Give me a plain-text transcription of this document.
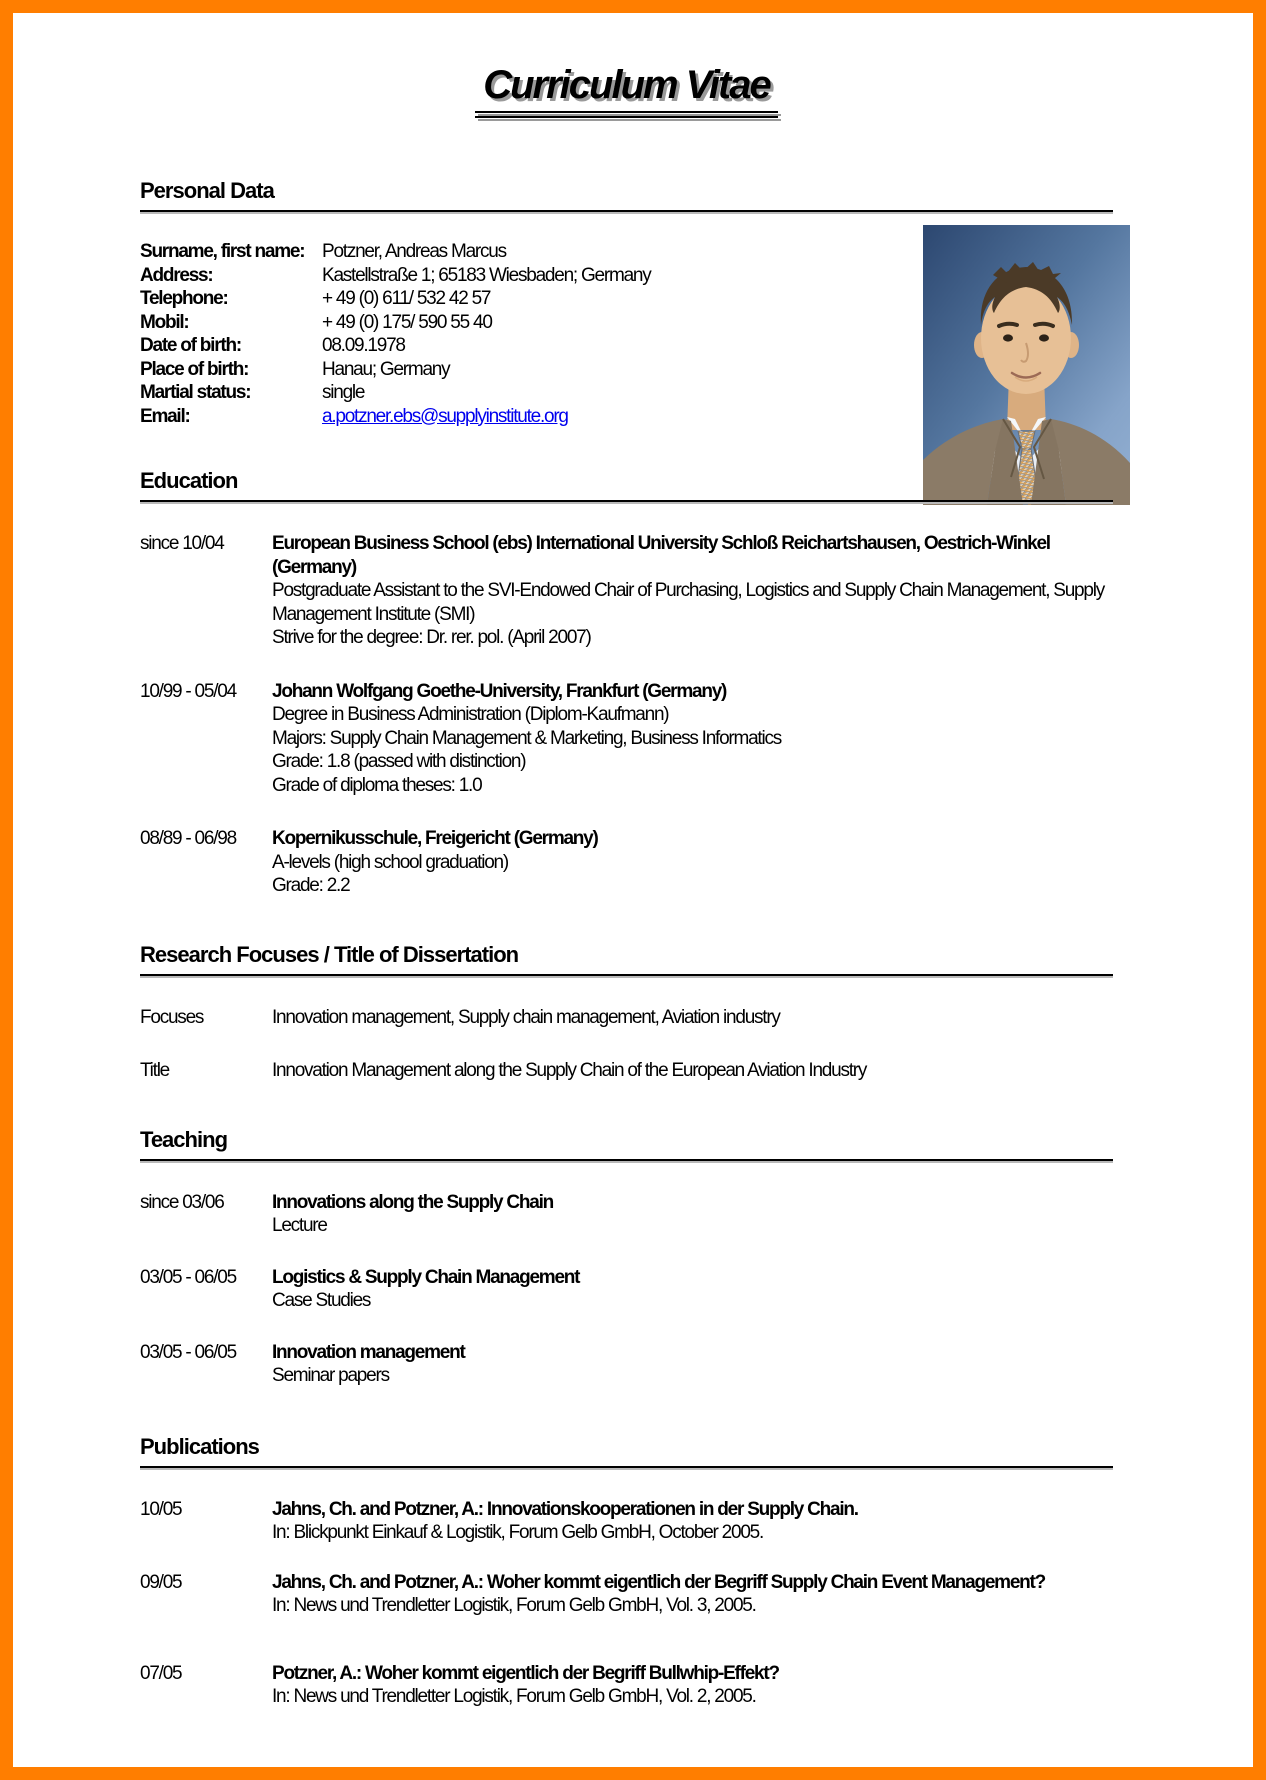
Curriculum Vitae
Personal Data
Surname, first name: Potzner, Andreas Marcus
Address:	Kastellstraße 1; 65183 Wiesbaden; Germany
Telephone:	+ 49 (0) 611/ 532 42 57
Mobil:	+ 49 (0) 175/ 590 55 40
Date of birth:	08.09.1978
Place of birth:	Hanau; Germany
Martial status:	single
Email:	a.potzner.ebs@supplyinstitute.org
Education
since 10/04	European Business School (ebs) International University Schloß Reichartshausen, Oestrich-Winkel (Germany)
Postgraduate Assistant to the SVI-Endowed Chair of Purchasing, Logistics and Supply Chain Management, Supply Management Institute (SMI)
Strive for the degree: Dr. rer. pol. (April 2007)
10/99 - 05/04	Johann Wolfgang Goethe-University, Frankfurt (Germany)
Degree in Business Administration (Diplom-Kaufmann)
Majors: Supply Chain Management & Marketing, Business Informatics
Grade: 1.8 (passed with distinction)
Grade of diploma theses: 1.0
08/89 - 06/98	Kopernikusschule, Freigericht (Germany)
A-levels (high school graduation)
Grade: 2.2
Research Focuses / Title of Dissertation
Focuses	Innovation management, Supply chain management, Aviation industry
Title	Innovation Management along the Supply Chain of the European Aviation Industry
Teaching
since 03/06	Innovations along the Supply Chain
Lecture
03/05 - 06/05	Logistics & Supply Chain Management
Case Studies
03/05 - 06/05	Innovation management
Seminar papers
Publications
10/05	Jahns, Ch. and Potzner, A.: Innovationskooperationen in der Supply Chain.
In: Blickpunkt Einkauf & Logistik, Forum Gelb GmbH, October 2005.
09/05	Jahns, Ch. and Potzner, A.: Woher kommt eigentlich der Begriff Supply Chain Event Management?
In: News und Trendletter Logistik, Forum Gelb GmbH, Vol. 3, 2005.
07/05	Potzner, A.: Woher kommt eigentlich der Begriff Bullwhip-Effekt?
In: News und Trendletter Logistik, Forum Gelb GmbH, Vol. 2, 2005.
